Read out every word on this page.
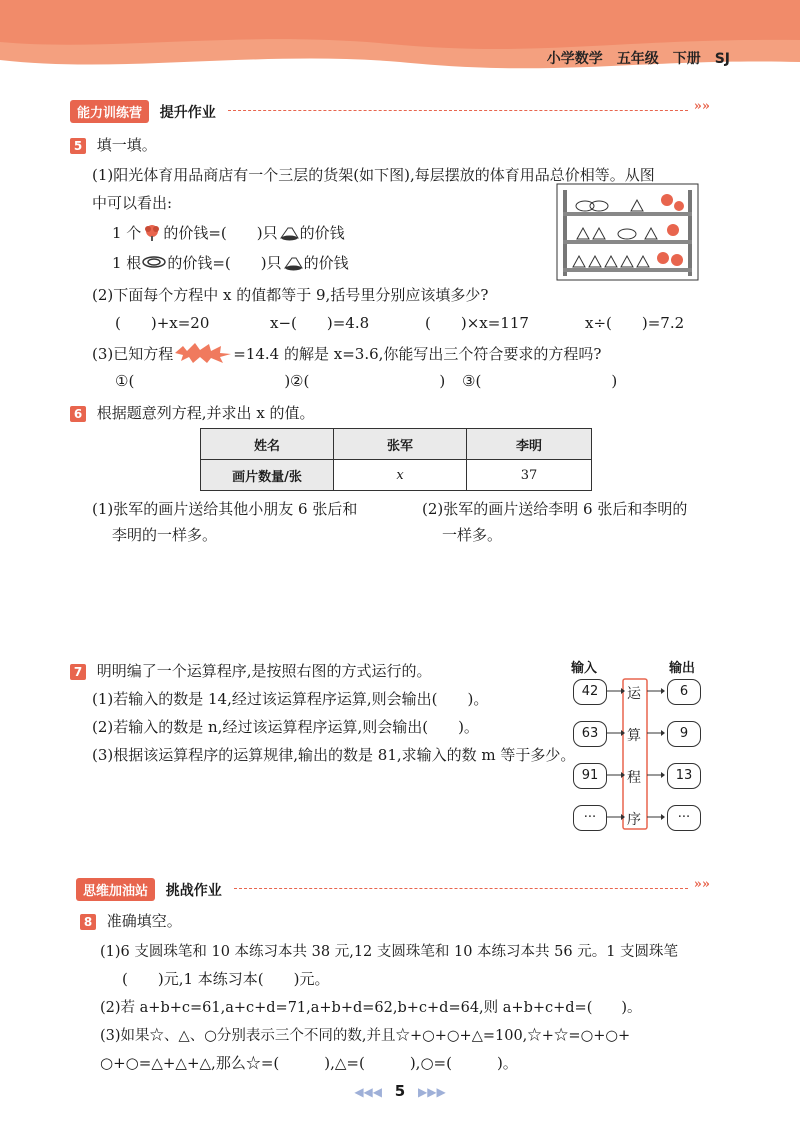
小学数学　五年级　下册　SJ
能力训练营 提升作业	»»
5 填一填。
(1)阳光体育用品商店有一个三层的货架(如下图),每层摆放的体育用品总价相等。从图
中可以看出:
1 个 的价钱=(　　)只 的价钱
1 根 的价钱=(　　)只 的价钱
(2)下面每个方程中 x 的值都等于 9,括号里分别应该填多少?
(　　)+x=20	x−(　　)=4.8	(　　)×x=117	x÷(　　)=7.2
(3)已知方程	=14.4 的解是 x=3.6,你能写出三个符合要求的方程吗?
①(	) ②(	) ③(	)
6 根据题意列方程,并求出 x 的值。
姓名	张军	李明
画片数量/张	x	37
(1)张军的画片送给其他小朋友 6 张后和
李明的一样多。
(2)张军的画片送给李明 6 张后和李明的
一样多。
7 明明编了一个运算程序,是按照右图的方式运行的。
(1)若输入的数是 14,经过该运算程序运算,则会输出(　　)。
(2)若输入的数是 n,经过该运算程序运算,则会输出(　　)。
(3)根据该运算程序的运算规律,输出的数是 81,求输入的数 m 等于多少。
输入	输出
42
63
91
···
6
9
13
···
运
算
程
序
思维加油站 挑战作业	»»
8 准确填空。
(1)6 支圆珠笔和 10 本练习本共 38 元,12 支圆珠笔和 10 本练习本共 56 元。1 支圆珠笔
(　　)元,1 本练习本(　　)元。
(2)若 a+b+c=61,a+c+d=71,a+b+d=62,b+c+d=64,则 a+b+c+d=(　　)。
(3)如果☆、△、○分别表示三个不同的数,并且☆+○+○+△=100,☆+☆=○+○+
○+○=△+△+△,那么☆=(　　　),△=(　　　),○=(　　　)。
◀◀◀ 5 ▶▶▶
